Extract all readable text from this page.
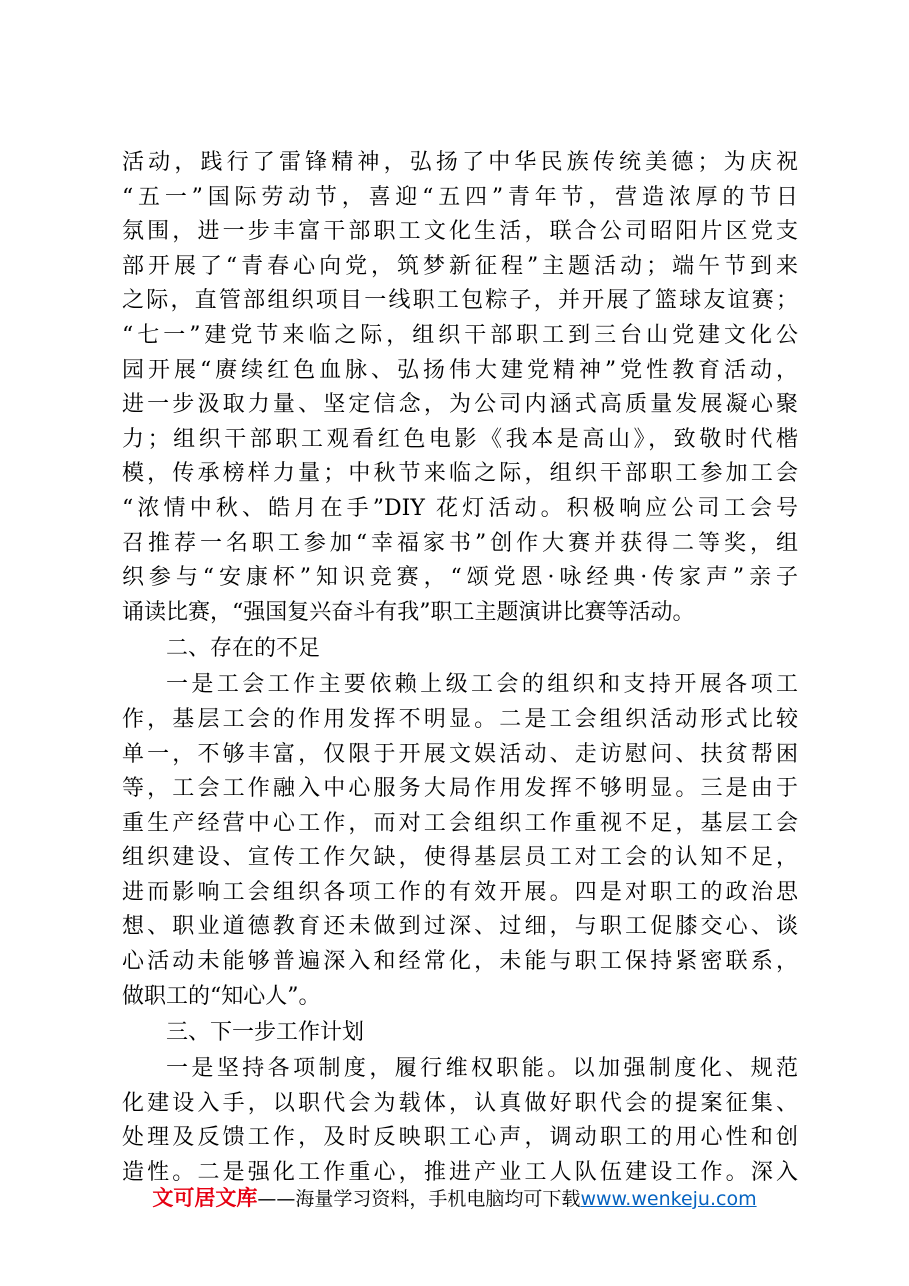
活动，践行了雷锋精神，弘扬了中华民族传统美德；为庆祝
“五一”国际劳动节，喜迎“五四”青年节，营造浓厚的节日
氛围，进一步丰富干部职工文化生活，联合公司昭阳片区党支
部开展了“青春心向党，筑梦新征程”主题活动；端午节到来
之际，直管部组织项目一线职工包粽子，并开展了篮球友谊赛；
“七一”建党节来临之际，组织干部职工到三台山党建文化公
园开展“赓续红色血脉、弘扬伟大建党精神”党性教育活动，
进一步汲取力量、坚定信念，为公司内涵式高质量发展凝心聚
力；组织干部职工观看红色电影《我本是高山》，致敬时代楷
模，传承榜样力量；中秋节来临之际，组织干部职工参加工会
“浓情中秋、皓月在手”DIY 花灯活动。积极响应公司工会号
召推荐一名职工参加“幸福家书”创作大赛并获得二等奖，组
织参与“安康杯”知识竞赛，“颂党恩·咏经典·传家声”亲子
诵读比赛，“强国复兴奋斗有我”职工主题演讲比赛等活动。
二、存在的不足
一是工会工作主要依赖上级工会的组织和支持开展各项工
作，基层工会的作用发挥不明显。二是工会组织活动形式比较
单一，不够丰富，仅限于开展文娱活动、走访慰问、扶贫帮困
等，工会工作融入中心服务大局作用发挥不够明显。三是由于
重生产经营中心工作，而对工会组织工作重视不足，基层工会
组织建设、宣传工作欠缺，使得基层员工对工会的认知不足，
进而影响工会组织各项工作的有效开展。四是对职工的政治思
想、职业道德教育还未做到过深、过细，与职工促膝交心、谈
心活动未能够普遍深入和经常化，未能与职工保持紧密联系，
做职工的“知心人”。
三、下一步工作计划
一是坚持各项制度，履行维权职能。以加强制度化、规范
化建设入手，以职代会为载体，认真做好职代会的提案征集、
处理及反馈工作，及时反映职工心声，调动职工的用心性和创
造性。二是强化工作重心，推进产业工人队伍建设工作。深入
文可居文库——海量学习资料，手机电脑均可下载www.wenkeju.com
